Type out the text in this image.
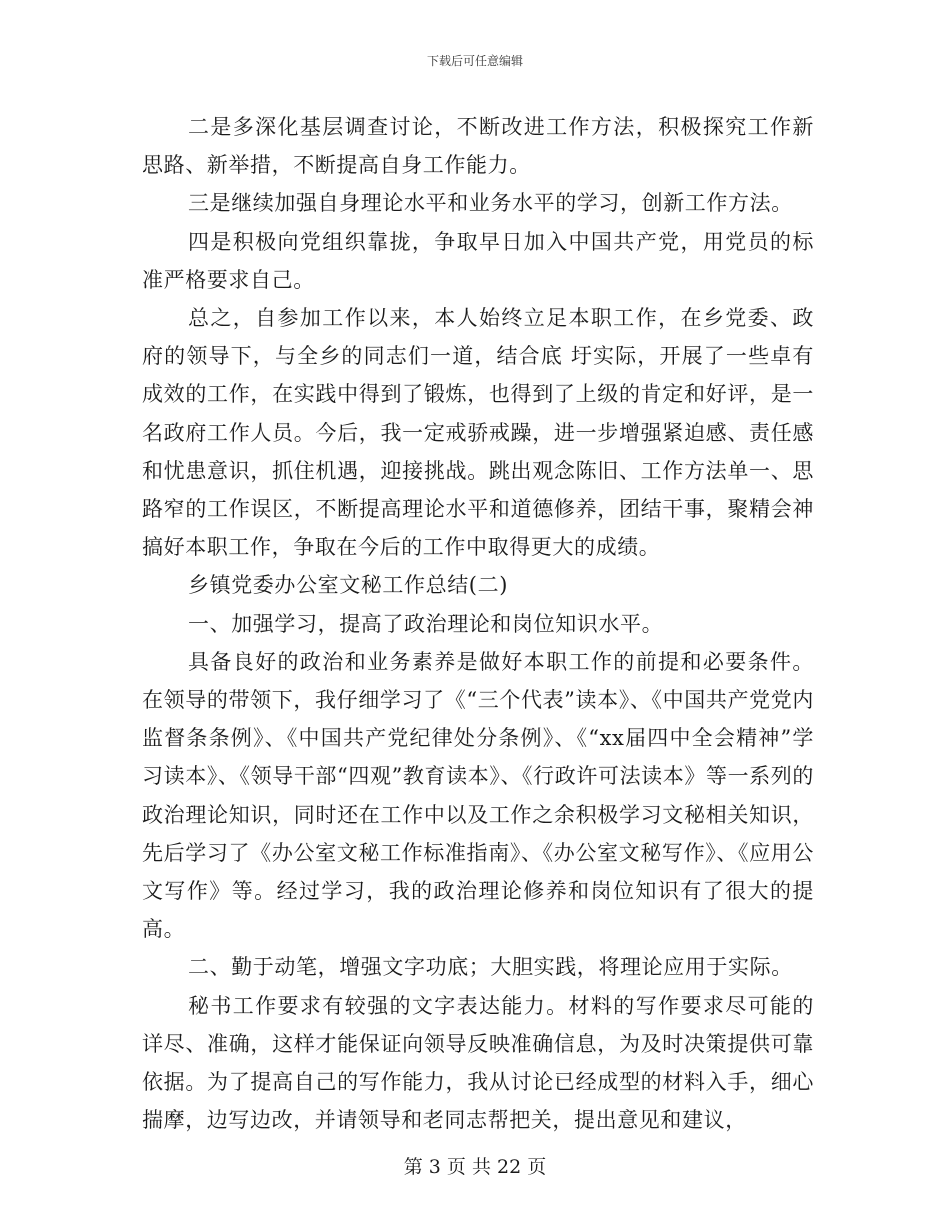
下载后可任意编辑

二是多深化基层调查讨论，不断改进工作方法，积极探究工作新思路、新举措，不断提高自身工作能力。

三是继续加强自身理论水平和业务水平的学习，创新工作方法。

四是积极向党组织靠拢，争取早日加入中国共产党，用党员的标准严格要求自己。

总之，自参加工作以来，本人始终立足本职工作，在乡党委、政府的领导下，与全乡的同志们一道，结合底 圩实际，开展了一些卓有成效的工作，在实践中得到了锻炼，也得到了上级的肯定和好评，是一名政府工作人员。今后，我一定戒骄戒躁，进一步增强紧迫感、责任感和忧患意识，抓住机遇，迎接挑战。跳出观念陈旧、工作方法单一、思路窄的工作误区，不断提高理论水平和道德修养，团结干事，聚精会神搞好本职工作，争取在今后的工作中取得更大的成绩。

乡镇党委办公室文秘工作总结(二)

一、加强学习，提高了政治理论和岗位知识水平。

具备良好的政治和业务素养是做好本职工作的前提和必要条件。在领导的带领下，我仔细学习了《“三个代表”读本》、《中国共产党党内监督条条例》、《中国共产党纪律处分条例》、《“xx届四中全会精神”学习读本》、《领导干部“四观”教育读本》、《行政许可法读本》等一系列的政治理论知识，同时还在工作中以及工作之余积极学习文秘相关知识，先后学习了《办公室文秘工作标准指南》、《办公室文秘写作》、《应用公文写作》等。经过学习，我的政治理论修养和岗位知识有了很大的提高。

二、勤于动笔，增强文字功底；大胆实践，将理论应用于实际。

秘书工作要求有较强的文字表达能力。材料的写作要求尽可能的详尽、准确，这样才能保证向领导反映准确信息，为及时决策提供可靠依据。为了提高自己的写作能力，我从讨论已经成型的材料入手，细心揣摩，边写边改，并请领导和老同志帮把关，提出意见和建议，

第 3 页 共 22 页
